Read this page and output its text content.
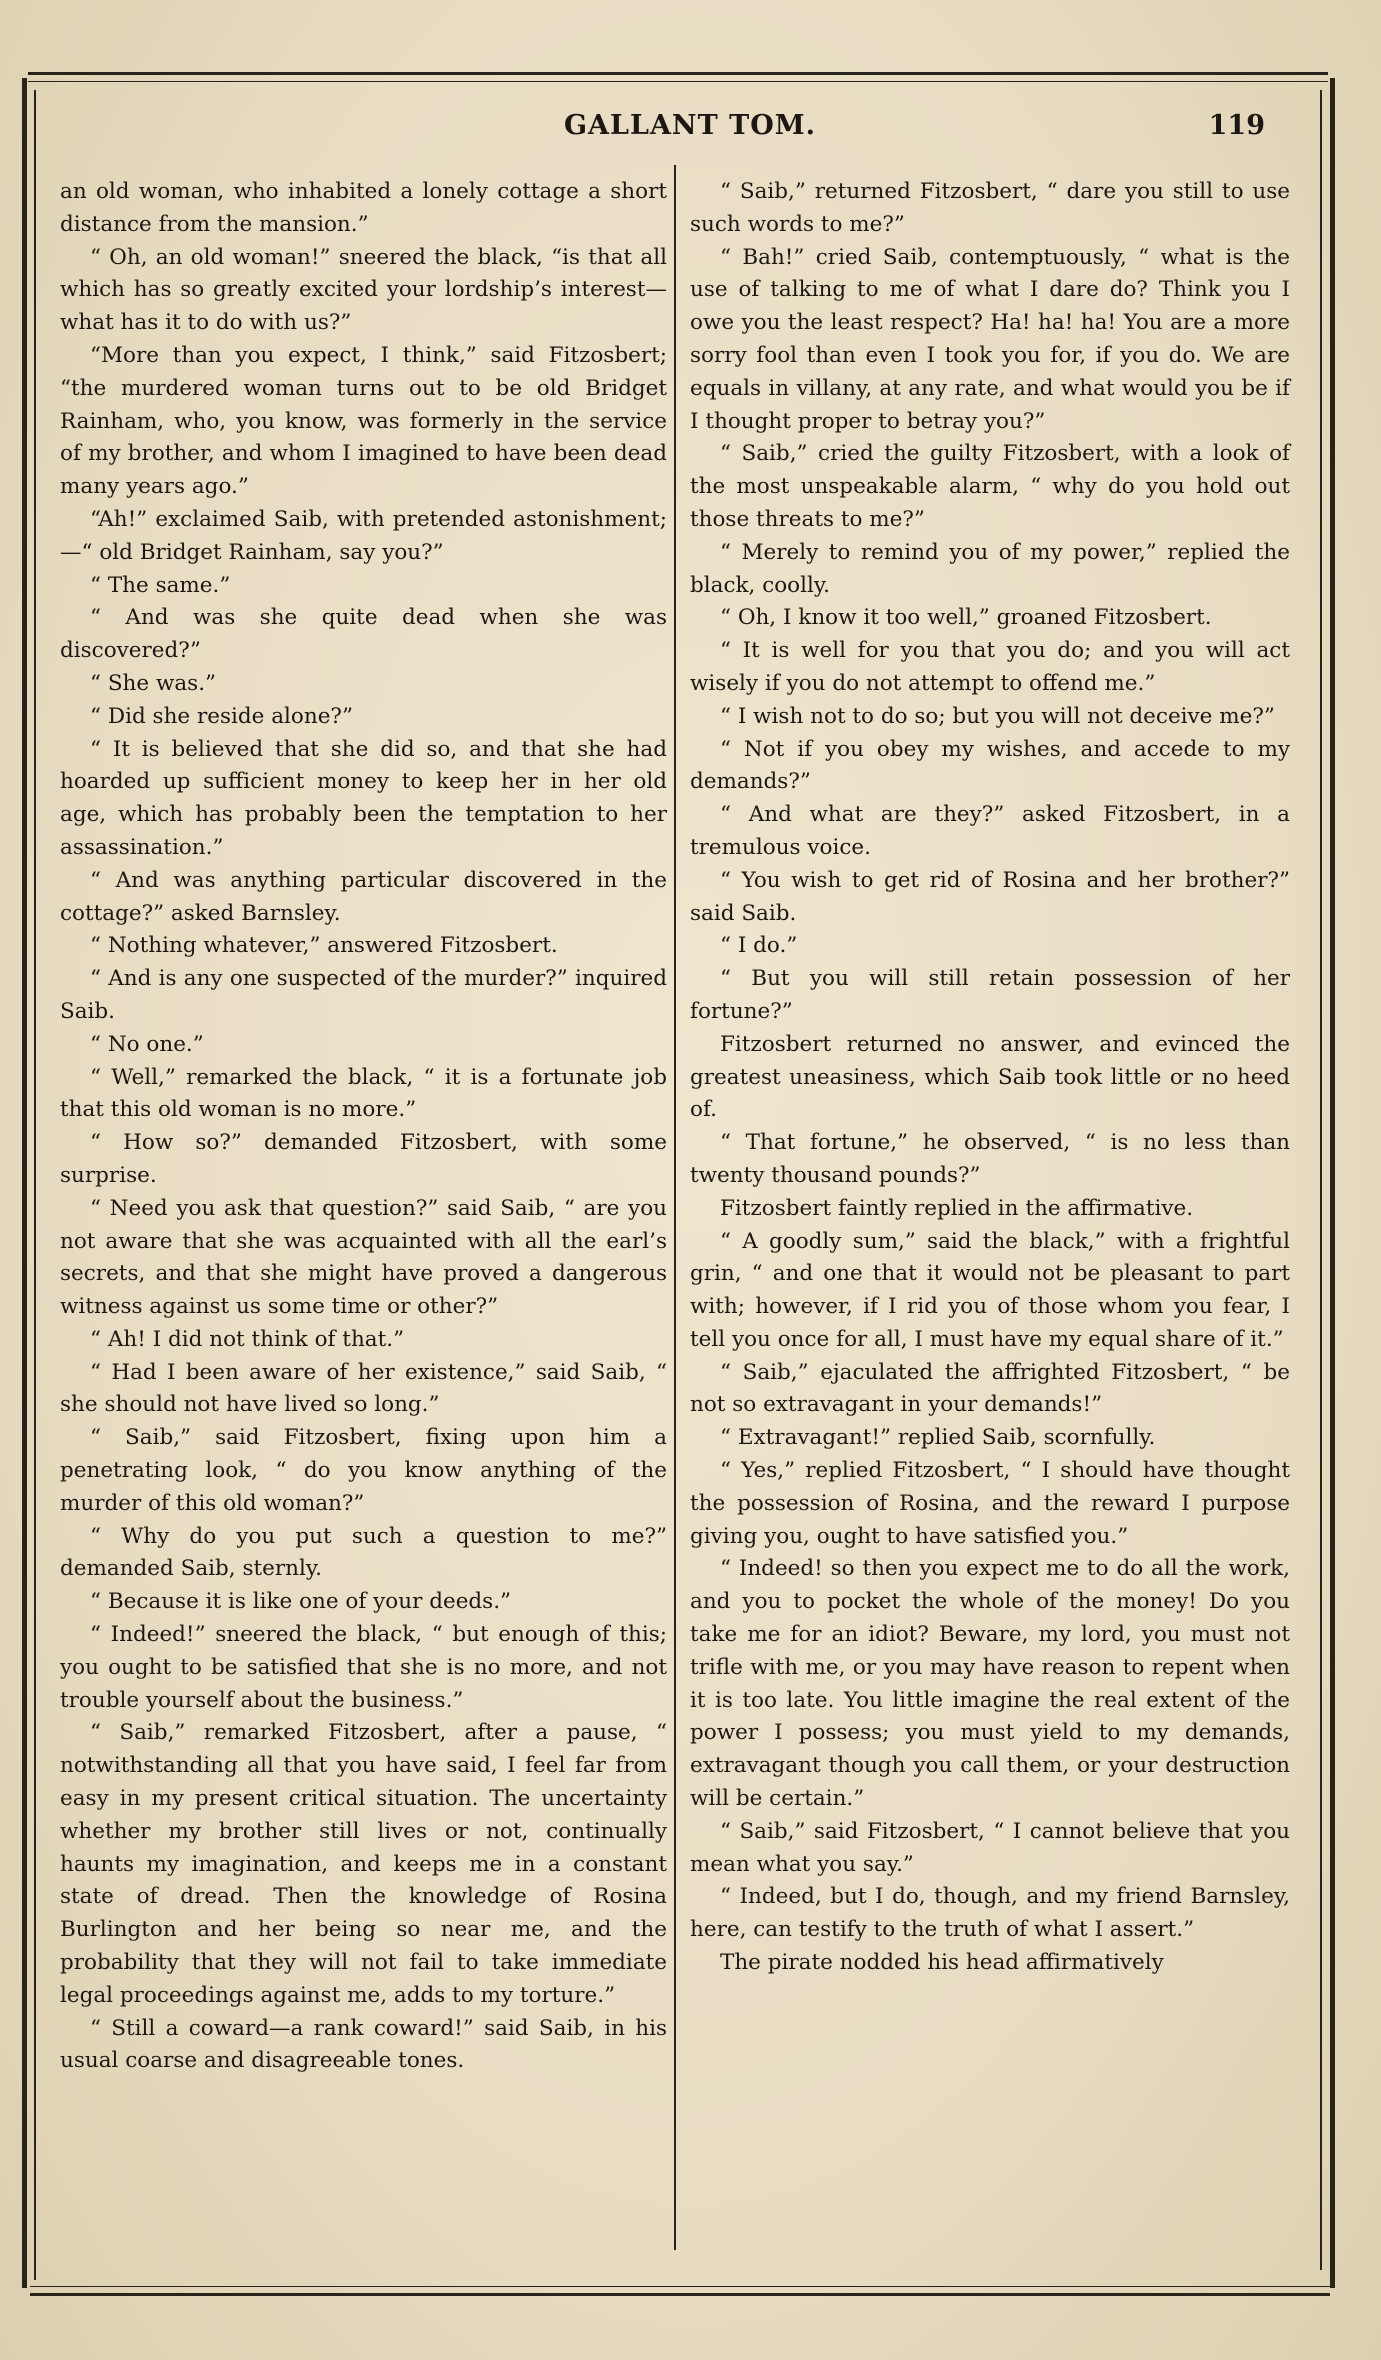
GALLANT TOM.	119

an old woman, who inhabited a lonely cottage a short distance from the mansion.”

“ Oh, an old woman!” sneered the black, “is that all which has so greatly excited your lordship’s interest—what has it to do with us?”

“More than you expect, I think,” said Fitzosbert; “the murdered woman turns out to be old Bridget Rainham, who, you know, was formerly in the service of my brother, and whom I imagined to have been dead many years ago.”

“Ah!” exclaimed Saib, with pretended astonishment;—“ old Bridget Rainham, say you?”

“ The same.”

“ And was she quite dead when she was discovered?”

“ She was.”

“ Did she reside alone?”

“ It is believed that she did so, and that she had hoarded up sufficient money to keep her in her old age, which has probably been the temptation to her assassination.”

“ And was anything particular discovered in the cottage?” asked Barnsley.

“ Nothing whatever,” answered Fitzosbert.

“ And is any one suspected of the murder?” inquired Saib.

“ No one.”

“ Well,” remarked the black, “ it is a fortunate job that this old woman is no more.”

“ How so?” demanded Fitzosbert, with some surprise.

“ Need you ask that question?” said Saib, “ are you not aware that she was acquainted with all the earl’s secrets, and that she might have proved a dangerous witness against us some time or other?”

“ Ah! I did not think of that.”

“ Had I been aware of her existence,” said Saib, “ she should not have lived so long.”

“ Saib,” said Fitzosbert, fixing upon him a penetrating look, “ do you know anything of the murder of this old woman?”

“ Why do you put such a question to me?” demanded Saib, sternly.

“ Because it is like one of your deeds.”

“ Indeed!” sneered the black, “ but enough of this; you ought to be satisfied that she is no more, and not trouble yourself about the business.”

“ Saib,” remarked Fitzosbert, after a pause, “ notwithstanding all that you have said, I feel far from easy in my present critical situation. The uncertainty whether my brother still lives or not, continually haunts my imagination, and keeps me in a constant state of dread. Then the knowledge of Rosina Burlington and her being so near me, and the probability that they will not fail to take immediate legal proceedings against me, adds to my torture.”

“ Still a coward—a rank coward!” said Saib, in his usual coarse and disagreeable tones.

“ Saib,” returned Fitzosbert, “ dare you still to use such words to me?”

“ Bah!” cried Saib, contemptuously, “ what is the use of talking to me of what I dare do? Think you I owe you the least respect? Ha! ha! ha! You are a more sorry fool than even I took you for, if you do. We are equals in villany, at any rate, and what would you be if I thought proper to betray you?”

“ Saib,” cried the guilty Fitzosbert, with a look of the most unspeakable alarm, “ why do you hold out those threats to me?”

“ Merely to remind you of my power,” replied the black, coolly.

“ Oh, I know it too well,” groaned Fitzosbert.

“ It is well for you that you do; and you will act wisely if you do not attempt to offend me.”

“ I wish not to do so; but you will not deceive me?”

“ Not if you obey my wishes, and accede to my demands?”

“ And what are they?” asked Fitzosbert, in a tremulous voice.

“ You wish to get rid of Rosina and her brother?” said Saib.

“ I do.”

“ But you will still retain possession of her fortune?”

Fitzosbert returned no answer, and evinced the greatest uneasiness, which Saib took little or no heed of.

“ That fortune,” he observed, “ is no less than twenty thousand pounds?”

Fitzosbert faintly replied in the affirmative.

“ A goodly sum,” said the black,” with a frightful grin, “ and one that it would not be pleasant to part with; however, if I rid you of those whom you fear, I tell you once for all, I must have my equal share of it.”

“ Saib,” ejaculated the affrighted Fitzosbert, “ be not so extravagant in your demands!”

“ Extravagant!” replied Saib, scornfully.

“ Yes,” replied Fitzosbert, “ I should have thought the possession of Rosina, and the reward I purpose giving you, ought to have satisfied you.”

“ Indeed! so then you expect me to do all the work, and you to pocket the whole of the money! Do you take me for an idiot? Beware, my lord, you must not trifle with me, or you may have reason to repent when it is too late. You little imagine the real extent of the power I possess; you must yield to my demands, extravagant though you call them, or your destruction will be certain.”

“ Saib,” said Fitzosbert, “ I cannot believe that you mean what you say.”

“ Indeed, but I do, though, and my friend Barnsley, here, can testify to the truth of what I assert.”

The pirate nodded his head affirmatively
